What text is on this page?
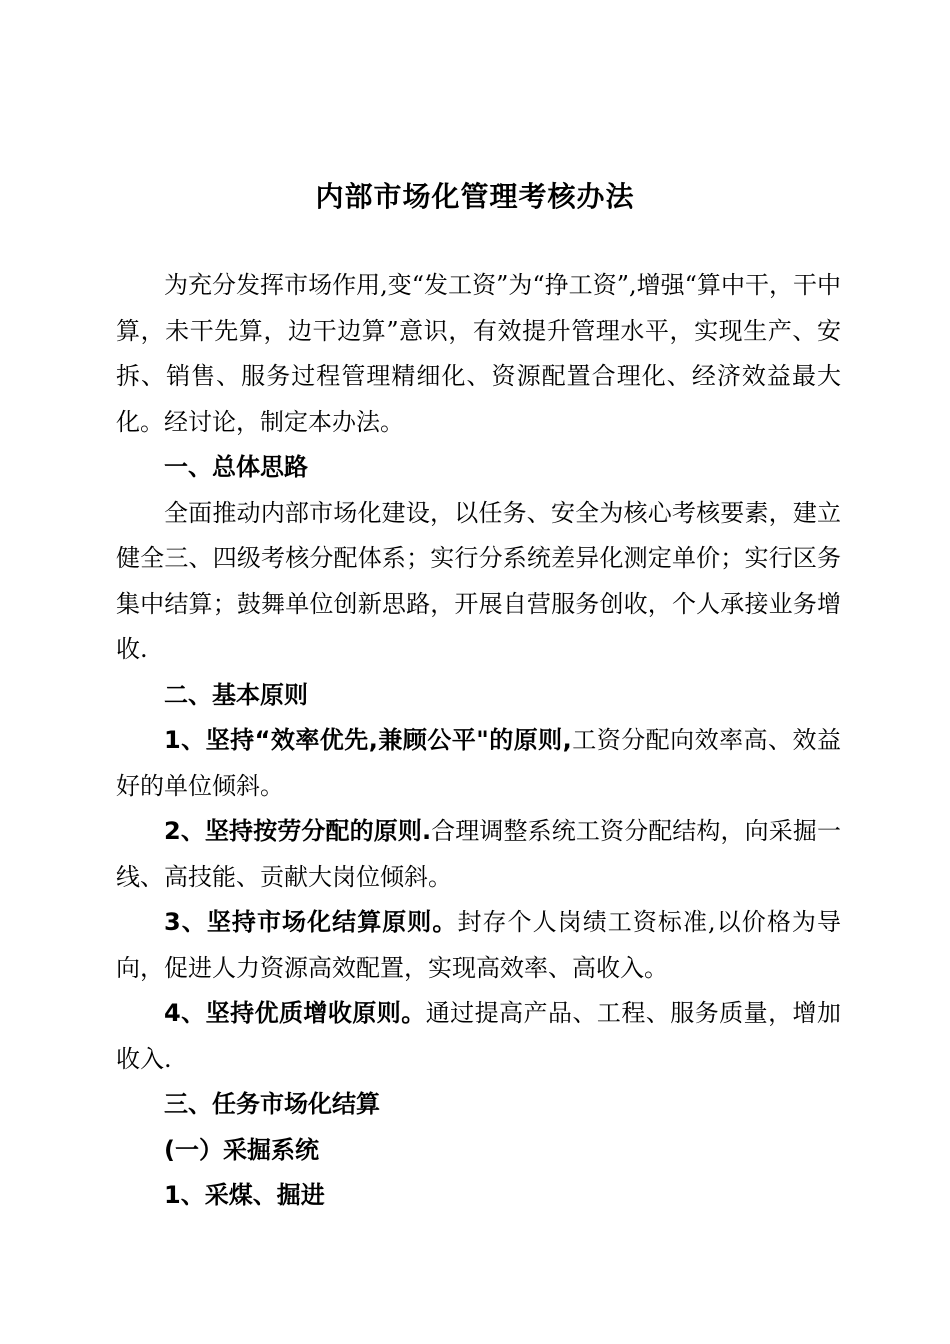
内部市场化管理考核办法

为充分发挥市场作用,变“发工资”为“挣工资”,增强“算中干，干中算，未干先算，边干边算”意识，有效提升管理水平，实现生产、安拆、销售、服务过程管理精细化、资源配置合理化、经济效益最大化。经讨论，制定本办法。

一、总体思路

全面推动内部市场化建设，以任务、安全为核心考核要素，建立健全三、四级考核分配体系；实行分系统差异化测定单价；实行区务集中结算；鼓舞单位创新思路，开展自营服务创收，个人承接业务增收.

二、基本原则

1、坚持“效率优先,兼顾公平"的原则,工资分配向效率高、效益好的单位倾斜。

2、坚持按劳分配的原则.合理调整系统工资分配结构，向采掘一线、高技能、贡献大岗位倾斜。

3、坚持市场化结算原则。封存个人岗绩工资标准,以价格为导向，促进人力资源高效配置，实现高效率、高收入。

4、坚持优质增收原则。通过提高产品、工程、服务质量，增加收入.

三、任务市场化结算

(一）采掘系统

1、采煤、掘进
